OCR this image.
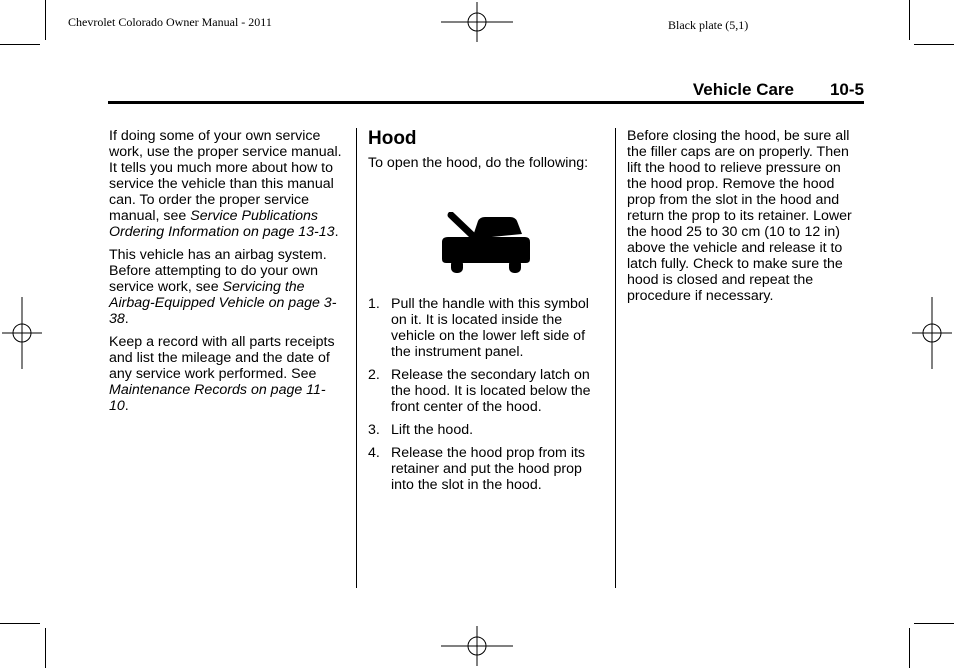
Chevrolet Colorado Owner Manual - 2011	Black plate (5,1)
Vehicle Care 10-5

If doing some of your own service work, use the proper service manual. It tells you much more about how to service the vehicle than this manual can. To order the proper service manual, see Service Publications Ordering Information on page 13-13.

This vehicle has an airbag system. Before attempting to do your own service work, see Servicing the Airbag-Equipped Vehicle on page 3-38.

Keep a record with all parts receipts and list the mileage and the date of any service work performed. See Maintenance Records on page 11-10.

Hood

To open the hood, do the following:

1. Pull the handle with this symbol on it. It is located inside the vehicle on the lower left side of the instrument panel.
2. Release the secondary latch on the hood. It is located below the front center of the hood.
3. Lift the hood.
4. Release the hood prop from its retainer and put the hood prop into the slot in the hood.

Before closing the hood, be sure all the filler caps are on properly. Then lift the hood to relieve pressure on the hood prop. Remove the hood prop from the slot in the hood and return the prop to its retainer. Lower the hood 25 to 30 cm (10 to 12 in) above the vehicle and release it to latch fully. Check to make sure the hood is closed and repeat the procedure if necessary.
